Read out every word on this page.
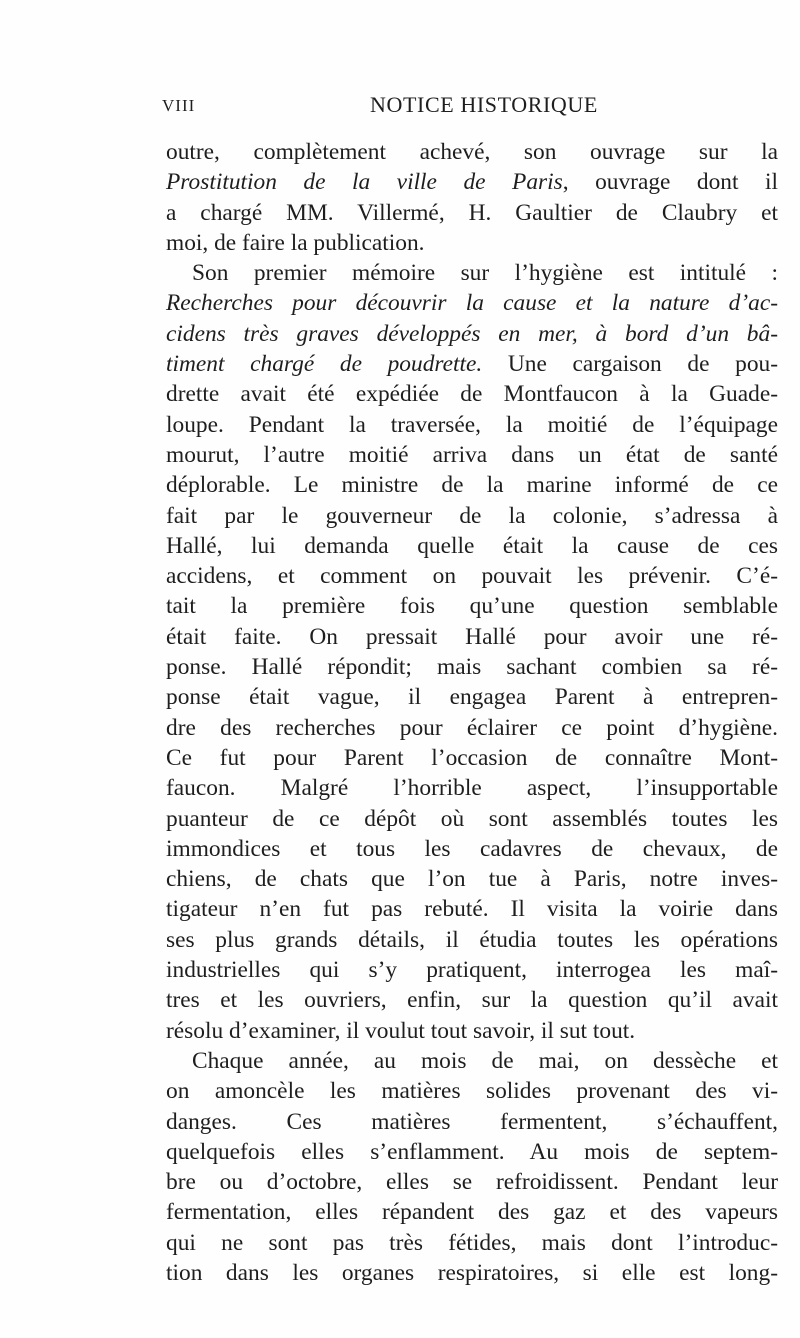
VIII	NOTICE HISTORIQUE
outre, complètement achevé, son ouvrage sur la
Prostitution de la ville de Paris, ouvrage dont il
a chargé MM. Villermé, H. Gaultier de Claubry et
moi, de faire la publication.
Son premier mémoire sur l’hygiène est intitulé :
Recherches pour découvrir la cause et la nature d’ac-
cidens très graves développés en mer, à bord d’un bâ-
timent chargé de poudrette. Une cargaison de pou-
drette avait été expédiée de Montfaucon à la Guade-
loupe. Pendant la traversée, la moitié de l’équipage
mourut, l’autre moitié arriva dans un état de santé
déplorable. Le ministre de la marine informé de ce
fait par le gouverneur de la colonie, s’adressa à
Hallé, lui demanda quelle était la cause de ces
accidens, et comment on pouvait les prévenir. C’é-
tait la première fois qu’une question semblable
était faite. On pressait Hallé pour avoir une ré-
ponse. Hallé répondit; mais sachant combien sa ré-
ponse était vague, il engagea Parent à entrepren-
dre des recherches pour éclairer ce point d’hygiène.
Ce fut pour Parent l’occasion de connaître Mont-
faucon. Malgré l’horrible aspect, l’insupportable
puanteur de ce dépôt où sont assemblés toutes les
immondices et tous les cadavres de chevaux, de
chiens, de chats que l’on tue à Paris, notre inves-
tigateur n’en fut pas rebuté. Il visita la voirie dans
ses plus grands détails, il étudia toutes les opérations
industrielles qui s’y pratiquent, interrogea les maî-
tres et les ouvriers, enfin, sur la question qu’il avait
résolu d’examiner, il voulut tout savoir, il sut tout.
Chaque année, au mois de mai, on dessèche et
on amoncèle les matières solides provenant des vi-
danges. Ces matières fermentent, s’échauffent,
quelquefois elles s’enflamment. Au mois de septem-
bre ou d’octobre, elles se refroidissent. Pendant leur
fermentation, elles répandent des gaz et des vapeurs
qui ne sont pas très fétides, mais dont l’introduc-
tion dans les organes respiratoires, si elle est long-
